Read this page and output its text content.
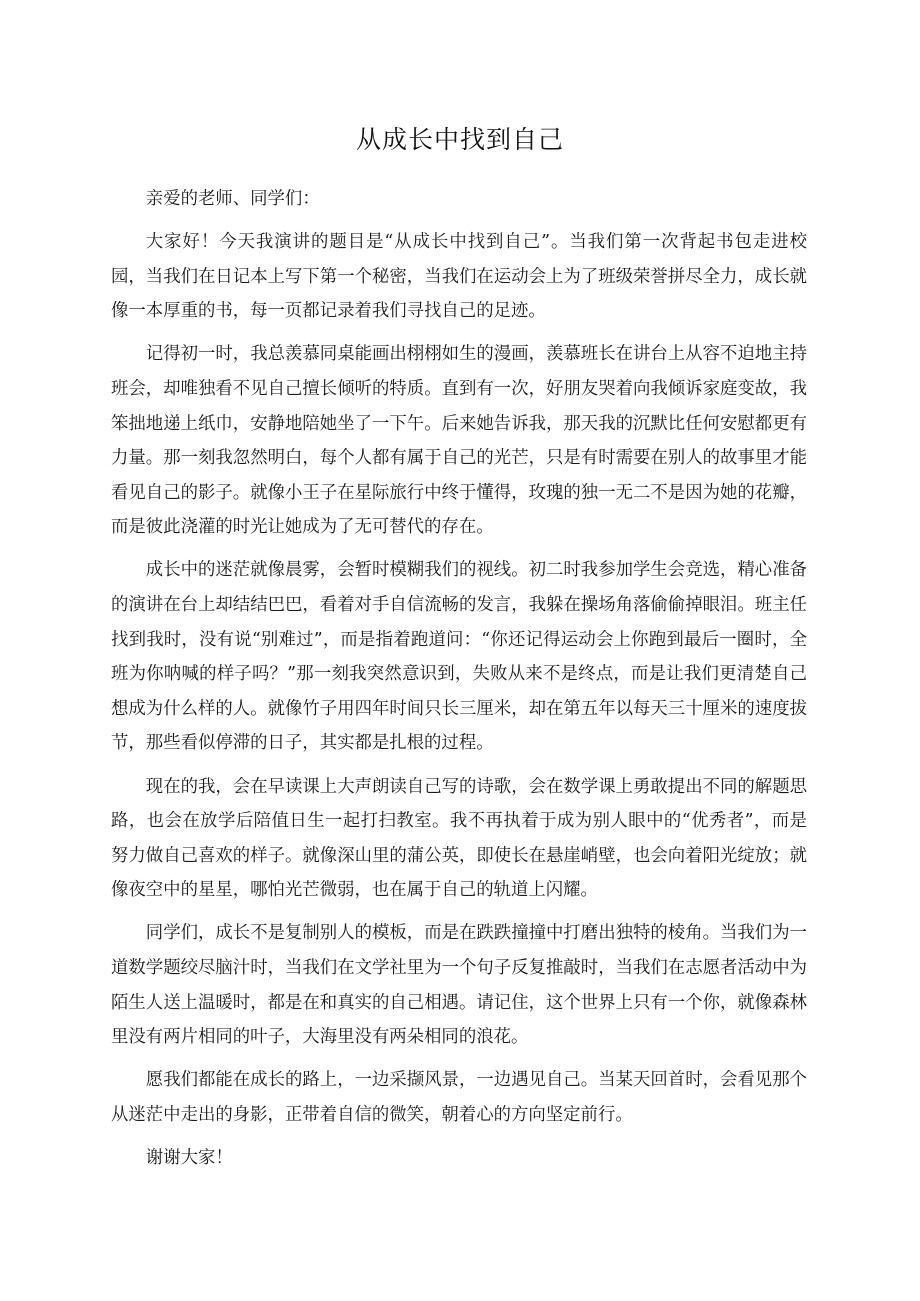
从成长中找到自己

亲爱的老师、同学们：

大家好！今天我演讲的题目是“从成长中找到自己”。当我们第一次背起书包走进校园，当我们在日记本上写下第一个秘密，当我们在运动会上为了班级荣誉拼尽全力，成长就像一本厚重的书，每一页都记录着我们寻找自己的足迹。

记得初一时，我总羡慕同桌能画出栩栩如生的漫画，羡慕班长在讲台上从容不迫地主持班会，却唯独看不见自己擅长倾听的特质。直到有一次，好朋友哭着向我倾诉家庭变故，我笨拙地递上纸巾，安静地陪她坐了一下午。后来她告诉我，那天我的沉默比任何安慰都更有力量。那一刻我忽然明白，每个人都有属于自己的光芒，只是有时需要在别人的故事里才能看见自己的影子。就像小王子在星际旅行中终于懂得，玫瑰的独一无二不是因为她的花瓣，而是彼此浇灌的时光让她成为了无可替代的存在。

成长中的迷茫就像晨雾，会暂时模糊我们的视线。初二时我参加学生会竞选，精心准备的演讲在台上却结结巴巴，看着对手自信流畅的发言，我躲在操场角落偷偷掉眼泪。班主任找到我时，没有说“别难过”，而是指着跑道问：“你还记得运动会上你跑到最后一圈时，全班为你呐喊的样子吗？”那一刻我突然意识到，失败从来不是终点，而是让我们更清楚自己想成为什么样的人。就像竹子用四年时间只长三厘米，却在第五年以每天三十厘米的速度拔节，那些看似停滞的日子，其实都是扎根的过程。

现在的我，会在早读课上大声朗读自己写的诗歌，会在数学课上勇敢提出不同的解题思路，也会在放学后陪值日生一起打扫教室。我不再执着于成为别人眼中的“优秀者”，而是努力做自己喜欢的样子。就像深山里的蒲公英，即使长在悬崖峭壁，也会向着阳光绽放；就像夜空中的星星，哪怕光芒微弱，也在属于自己的轨道上闪耀。

同学们，成长不是复制别人的模板，而是在跌跌撞撞中打磨出独特的棱角。当我们为一道数学题绞尽脑汁时，当我们在文学社里为一个句子反复推敲时，当我们在志愿者活动中为陌生人送上温暖时，都是在和真实的自己相遇。请记住，这个世界上只有一个你，就像森林里没有两片相同的叶子，大海里没有两朵相同的浪花。

愿我们都能在成长的路上，一边采撷风景，一边遇见自己。当某天回首时，会看见那个从迷茫中走出的身影，正带着自信的微笑，朝着心的方向坚定前行。

谢谢大家！
